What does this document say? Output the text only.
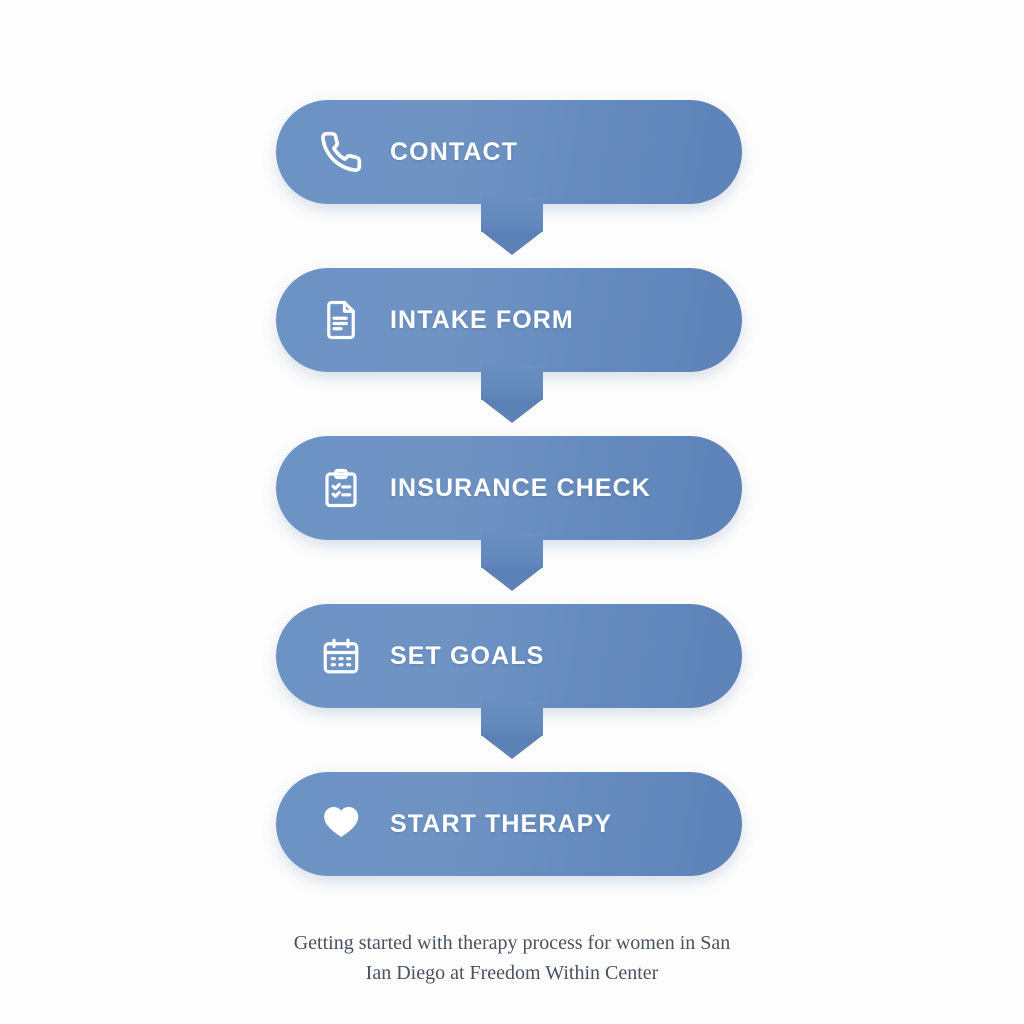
CONTACT
INTAKE FORM
INSURANCE CHECK
SET GOALS
START THERAPY
Getting started with therapy process for women in San
Ian Diego at Freedom Within Center
